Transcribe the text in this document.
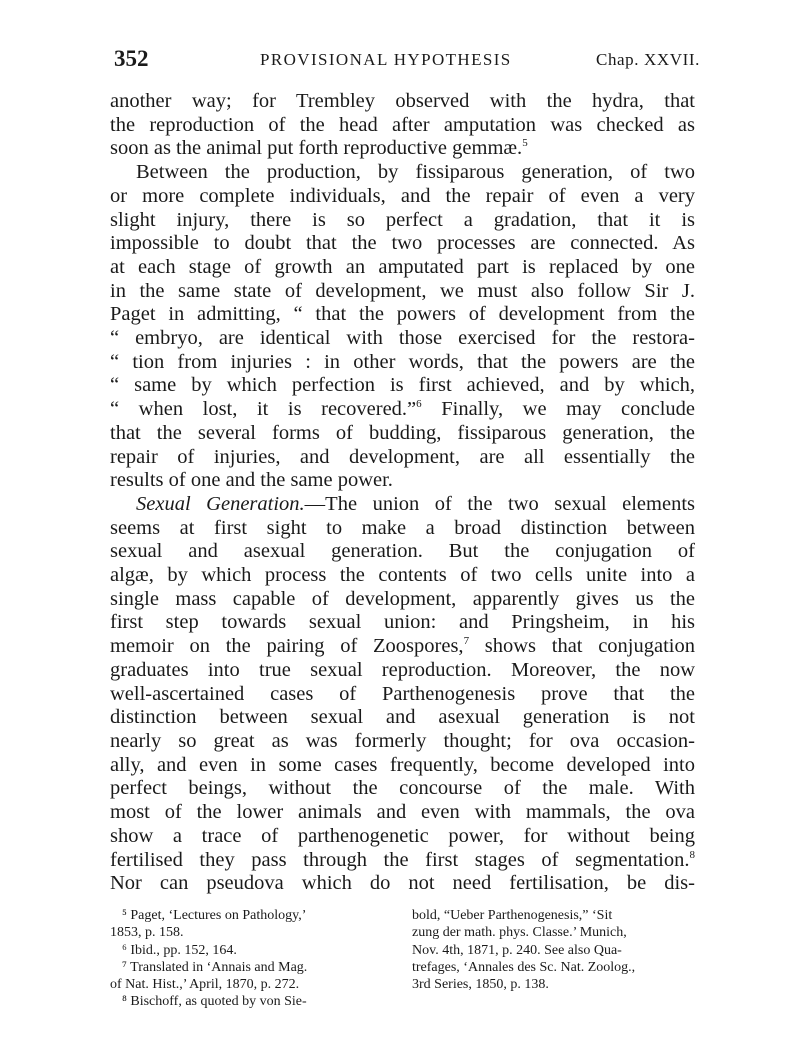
352	PROVISIONAL HYPOTHESIS	Chap. XXVII.

another way; for Trembley observed with the hydra, that
the reproduction of the head after amputation was checked as
soon as the animal put forth reproductive gemmæ.$^5$

Between the production, by fissiparous generation, of two
or more complete individuals, and the repair of even a very
slight injury, there is so perfect a gradation, that it is
impossible to doubt that the two processes are connected. As
at each stage of growth an amputated part is replaced by one
in the same state of development, we must also follow Sir J.
Paget in admitting, “ that the powers of development from the
“ embryo, are identical with those exercised for the restora-
“ tion from injuries : in other words, that the powers are the
“ same by which perfection is first achieved, and by which,
“ when lost, it is recovered.”$^6$ Finally, we may conclude
that the several forms of budding, fissiparous generation, the
repair of injuries, and development, are all essentially the
results of one and the same power.

Sexual Generation.—The union of the two sexual elements
seems at first sight to make a broad distinction between
sexual and asexual generation. But the conjugation of
algæ, by which process the contents of two cells unite into a
single mass capable of development, apparently gives us the
first step towards sexual union: and Pringsheim, in his
memoir on the pairing of Zoospores,$^7$ shows that conjugation
graduates into true sexual reproduction. Moreover, the now
well-ascertained cases of Parthenogenesis prove that the
distinction between sexual and asexual generation is not
nearly so great as was formerly thought; for ova occasion-
ally, and even in some cases frequently, become developed into
perfect beings, without the concourse of the male. With
most of the lower animals and even with mammals, the ova
show a trace of parthenogenetic power, for without being
fertilised they pass through the first stages of segmentation.$^8$
Nor can pseudova which do not need fertilisation, be dis-

⁵ Paget, ‘Lectures on Pathology,’
1853, p. 158.
⁶ Ibid., pp. 152, 164.
⁷ Translated in ‘Annais and Mag.
of Nat. Hist.,’ April, 1870, p. 272.
⁸ Bischoff, as quoted by von Sie-
bold, “Ueber Parthenogenesis,” ‘Sit
zung der math. phys. Classe.’ Munich,
Nov. 4th, 1871, p. 240. See also Qua-
trefages, ‘Annales des Sc. Nat. Zoolog.,
3rd Series, 1850, p. 138.
